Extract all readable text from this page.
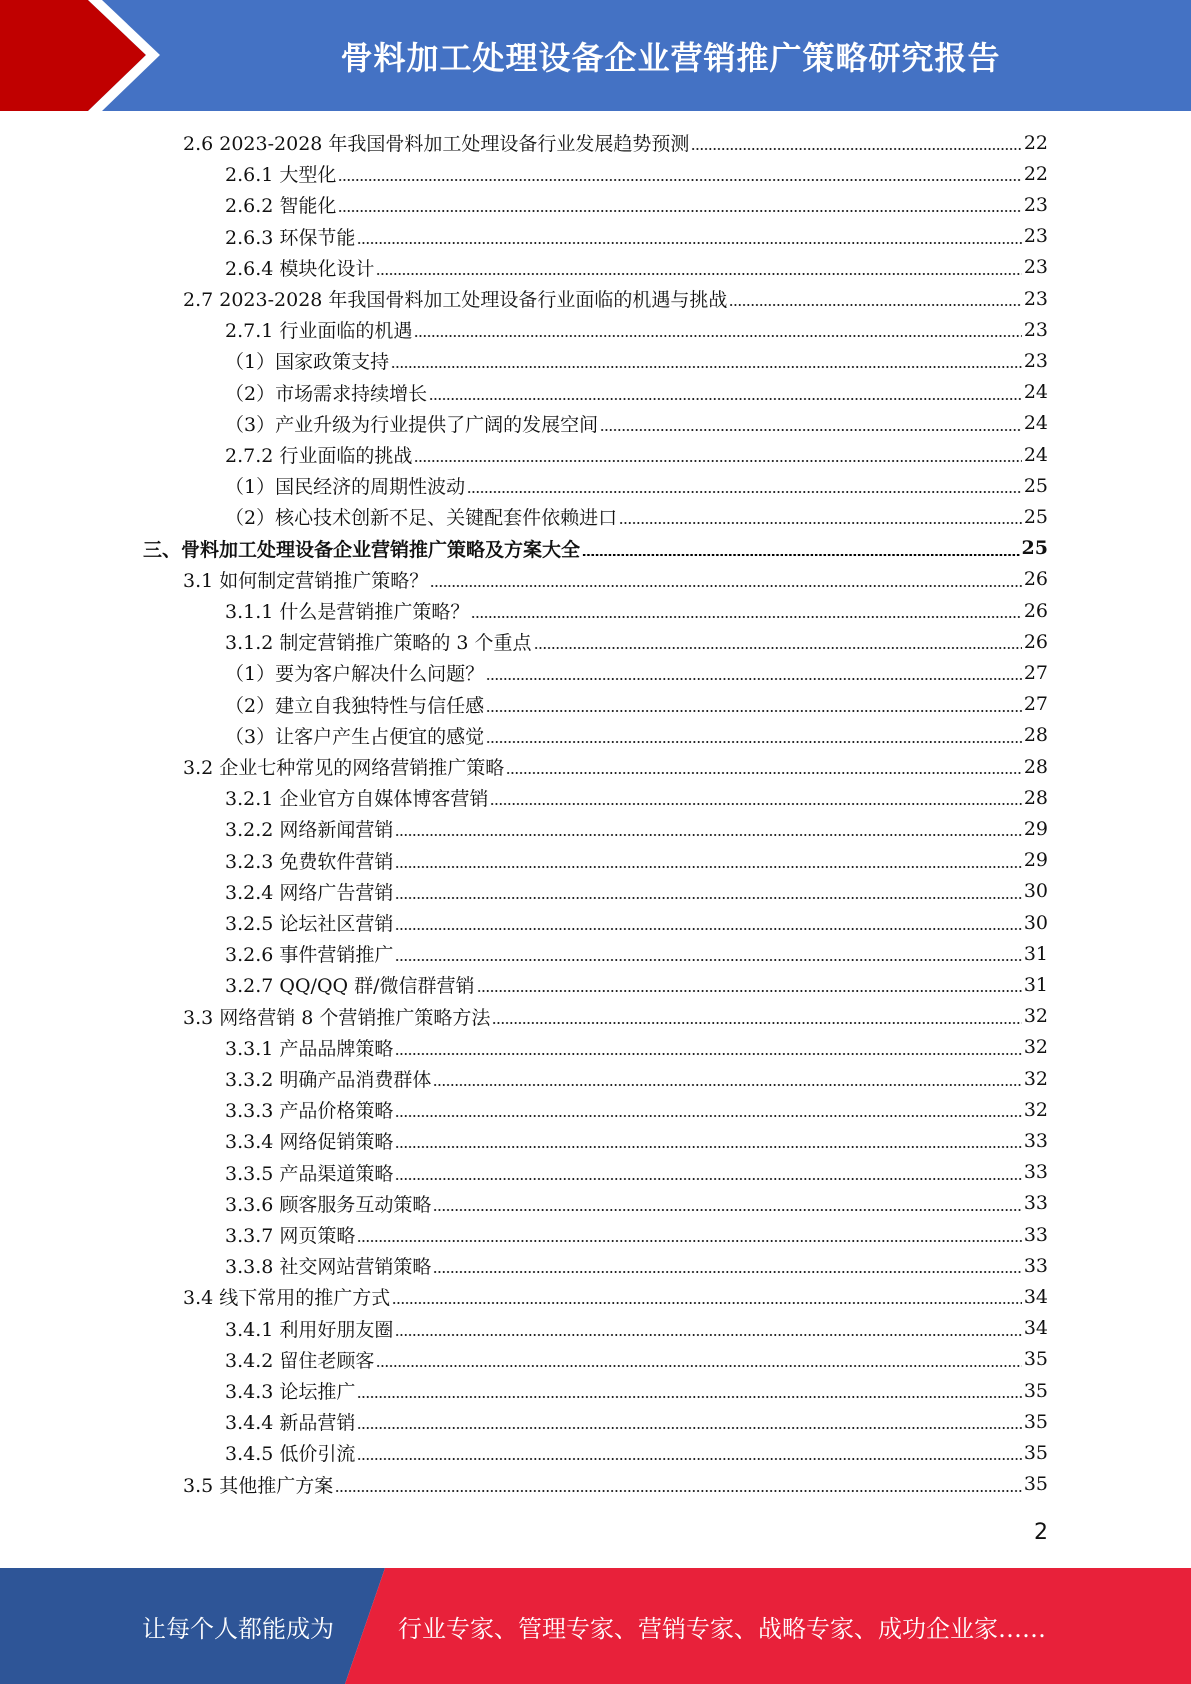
骨料加工处理设备企业营销推广策略研究报告
2.6 2023-2028 年我国骨料加工处理设备行业发展趋势预测	22
2.6.1 大型化	22
2.6.2 智能化	23
2.6.3 环保节能	23
2.6.4 模块化设计	23
2.7 2023-2028 年我国骨料加工处理设备行业面临的机遇与挑战	23
2.7.1 行业面临的机遇	23
（1）国家政策支持	23
（2）市场需求持续增长	24
（3）产业升级为行业提供了广阔的发展空间	24
2.7.2 行业面临的挑战	24
（1）国民经济的周期性波动	25
（2）核心技术创新不足、关键配套件依赖进口	25
三、骨料加工处理设备企业营销推广策略及方案大全	25
3.1 如何制定营销推广策略？	26
3.1.1 什么是营销推广策略？	26
3.1.2 制定营销推广策略的 3 个重点	26
（1）要为客户解决什么问题？	27
（2）建立自我独特性与信任感	27
（3）让客户产生占便宜的感觉	28
3.2 企业七种常见的网络营销推广策略	28
3.2.1 企业官方自媒体博客营销	28
3.2.2 网络新闻营销	29
3.2.3 免费软件营销	29
3.2.4 网络广告营销	30
3.2.5 论坛社区营销	30
3.2.6 事件营销推广	31
3.2.7 QQ/QQ 群/微信群营销	31
3.3 网络营销 8 个营销推广策略方法	32
3.3.1 产品品牌策略	32
3.3.2 明确产品消费群体	32
3.3.3 产品价格策略	32
3.3.4 网络促销策略	33
3.3.5 产品渠道策略	33
3.3.6 顾客服务互动策略	33
3.3.7 网页策略	33
3.3.8 社交网站营销策略	33
3.4 线下常用的推广方式	34
3.4.1 利用好朋友圈	34
3.4.2 留住老顾客	35
3.4.3 论坛推广	35
3.4.4 新品营销	35
3.4.5 低价引流	35
3.5 其他推广方案	35
2
让每个人都能成为	行业专家、管理专家、营销专家、战略专家、成功企业家……
